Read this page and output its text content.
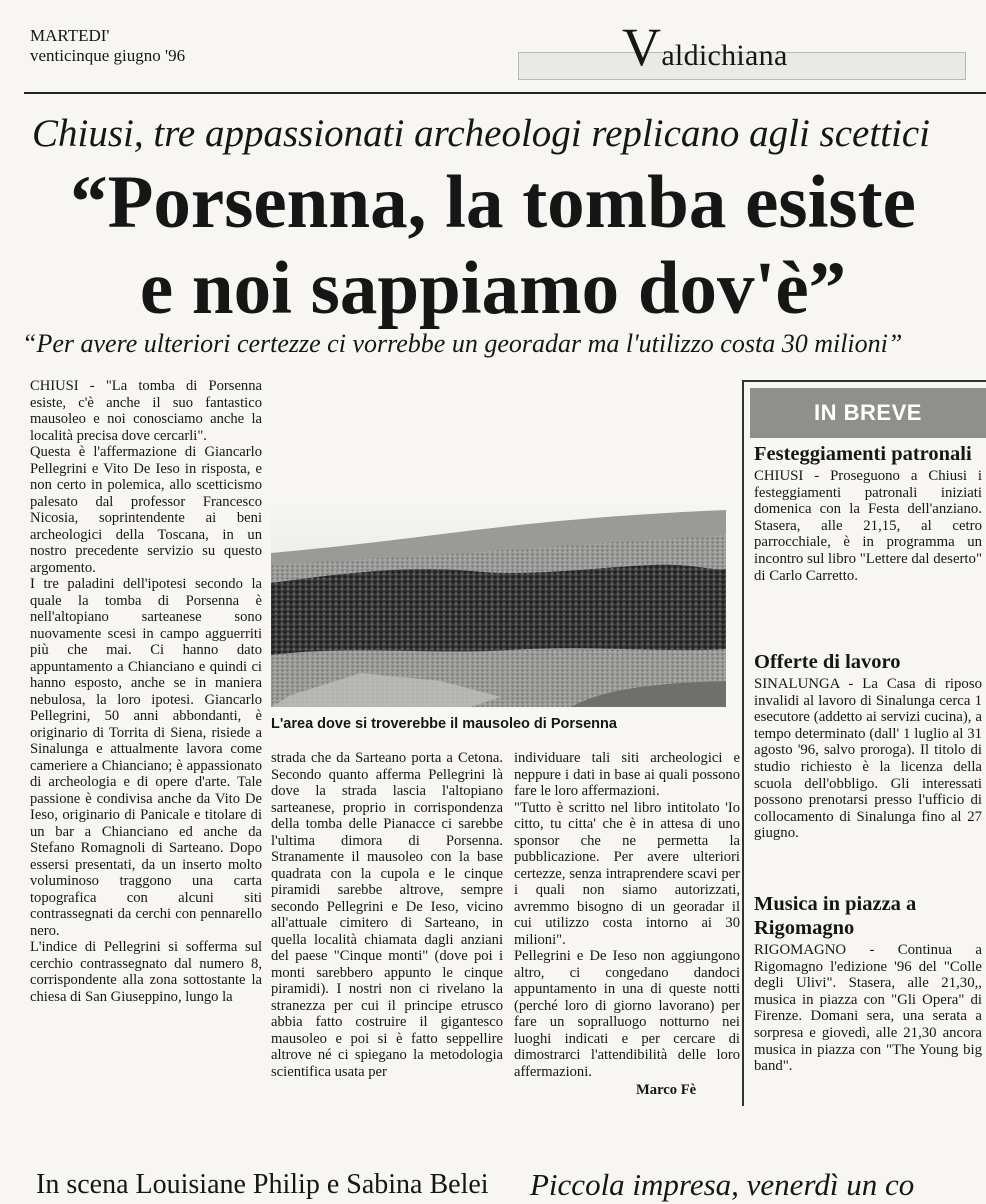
MARTEDI'
venticinque giugno '96	Valdichiana
Chiusi, tre appassionati archeologi replicano agli scettici
“Porsenna, la tomba esiste
e noi sappiamo dov'è”
“Per avere ulteriori certezze ci vorrebbe un georadar ma l'utilizzo costa 30 milioni”

CHIUSI - "La tomba di Porsenna esiste, c'è anche il suo fantastico mausoleo e noi conosciamo anche la località precisa dove cercarli".

Questa è l'affermazione di Giancarlo Pellegrini e Vito De Ieso in risposta, e non certo in polemica, allo scetticismo palesato dal professor Francesco Nicosia, soprintendente ai beni archeologici della Toscana, in un nostro precedente servizio su questo argomento.

I tre paladini dell'ipotesi secondo la quale la tomba di Porsenna è nell'altopiano sarteanese sono nuovamente scesi in campo agguerriti più che mai. Ci hanno dato appuntamento a Chianciano e quindi ci hanno esposto, anche se in maniera nebulosa, la loro ipotesi. Giancarlo Pellegrini, 50 anni abbondanti, è originario di Torrita di Siena, risiede a Sinalunga e attualmente lavora come cameriere a Chianciano; è appassionato di archeologia e di opere d'arte. Tale passione è condivisa anche da Vito De Ieso, originario di Panicale e titolare di un bar a Chianciano ed anche da Stefano Romagnoli di Sarteano. Dopo essersi presentati, da un inserto molto voluminoso traggono una carta topografica con alcuni siti contrassegnati da cerchi con pennarello nero.

L'indice di Pellegrini si sofferma sul cerchio contrassegnato dal numero 8, corrispondente alla zona sottostante la chiesa di San Giuseppino, lungo la

L'area dove si troverebbe il mausoleo di Porsenna

strada che da Sarteano porta a Cetona. Secondo quanto afferma Pellegrini là dove la strada lascia l'altopiano sarteanese, proprio in corrispondenza della tomba delle Pianacce ci sarebbe l'ultima dimora di Porsenna. Stranamente il mausoleo con la base quadrata con la cupola e le cinque piramidi sarebbe altrove, sempre secondo Pellegrini e De Ieso, vicino all'attuale cimitero di Sarteano, in quella località chiamata dagli anziani del paese "Cinque monti" (dove poi i monti sarebbero appunto le cinque piramidi). I nostri non ci rivelano la stranezza per cui il principe etrusco abbia fatto costruire il gigantesco mausoleo e poi si è fatto seppellire altrove né ci spiegano la metodologia scientifica usata per

individuare tali siti archeologici e neppure i dati in base ai quali possono fare le loro affermazioni.

"Tutto è scritto nel libro intitolato 'Io citto, tu citta' che è in attesa di uno sponsor che ne permetta la pubblicazione. Per avere ulteriori certezze, senza intraprendere scavi per i quali non siamo autorizzati, avremmo bisogno di un georadar il cui utilizzo costa intorno ai 30 milioni".

Pellegrini e De Ieso non aggiungono altro, ci congedano dandoci appuntamento in una di queste notti (perché loro di giorno lavorano) per fare un sopralluogo notturno nei luoghi indicati e per cercare di dimostrarci l'attendibilità delle loro affermazioni.

Marco Fè
IN BREVE
Festeggiamenti patronali
CHIUSI - Proseguono a Chiusi i festeggiamenti patronali iniziati domenica con la Festa dell'anziano. Stasera, alle 21,15, al cetro parrocchiale, è in programma un incontro sul libro "Lettere dal deserto" di Carlo Carretto.
Offerte di lavoro
SINALUNGA - La Casa di riposo invalidi al lavoro di Sinalunga cerca 1 esecutore (addetto ai servizi cucina), a tempo determinato (dall' 1 luglio al 31 agosto '96, salvo proroga). Il titolo di studio richiesto è la licenza della scuola dell'obbligo. Gli interessati possono prenotarsi presso l'ufficio di collocamento di Sinalunga fino al 27 giugno.
Musica in piazza a Rigomagno
RIGOMAGNO - Continua a Rigomagno l'edizione '96 del "Colle degli Ulivi". Stasera, alle 21,30,, musica in piazza con "Gli Opera" di Firenze. Domani sera, una serata a sorpresa e giovedì, alle 21,30 ancora musica in piazza con "The Young big band".
In scena Louisiane Philip e Sabina Belei Piccola impresa, venerdì un co
